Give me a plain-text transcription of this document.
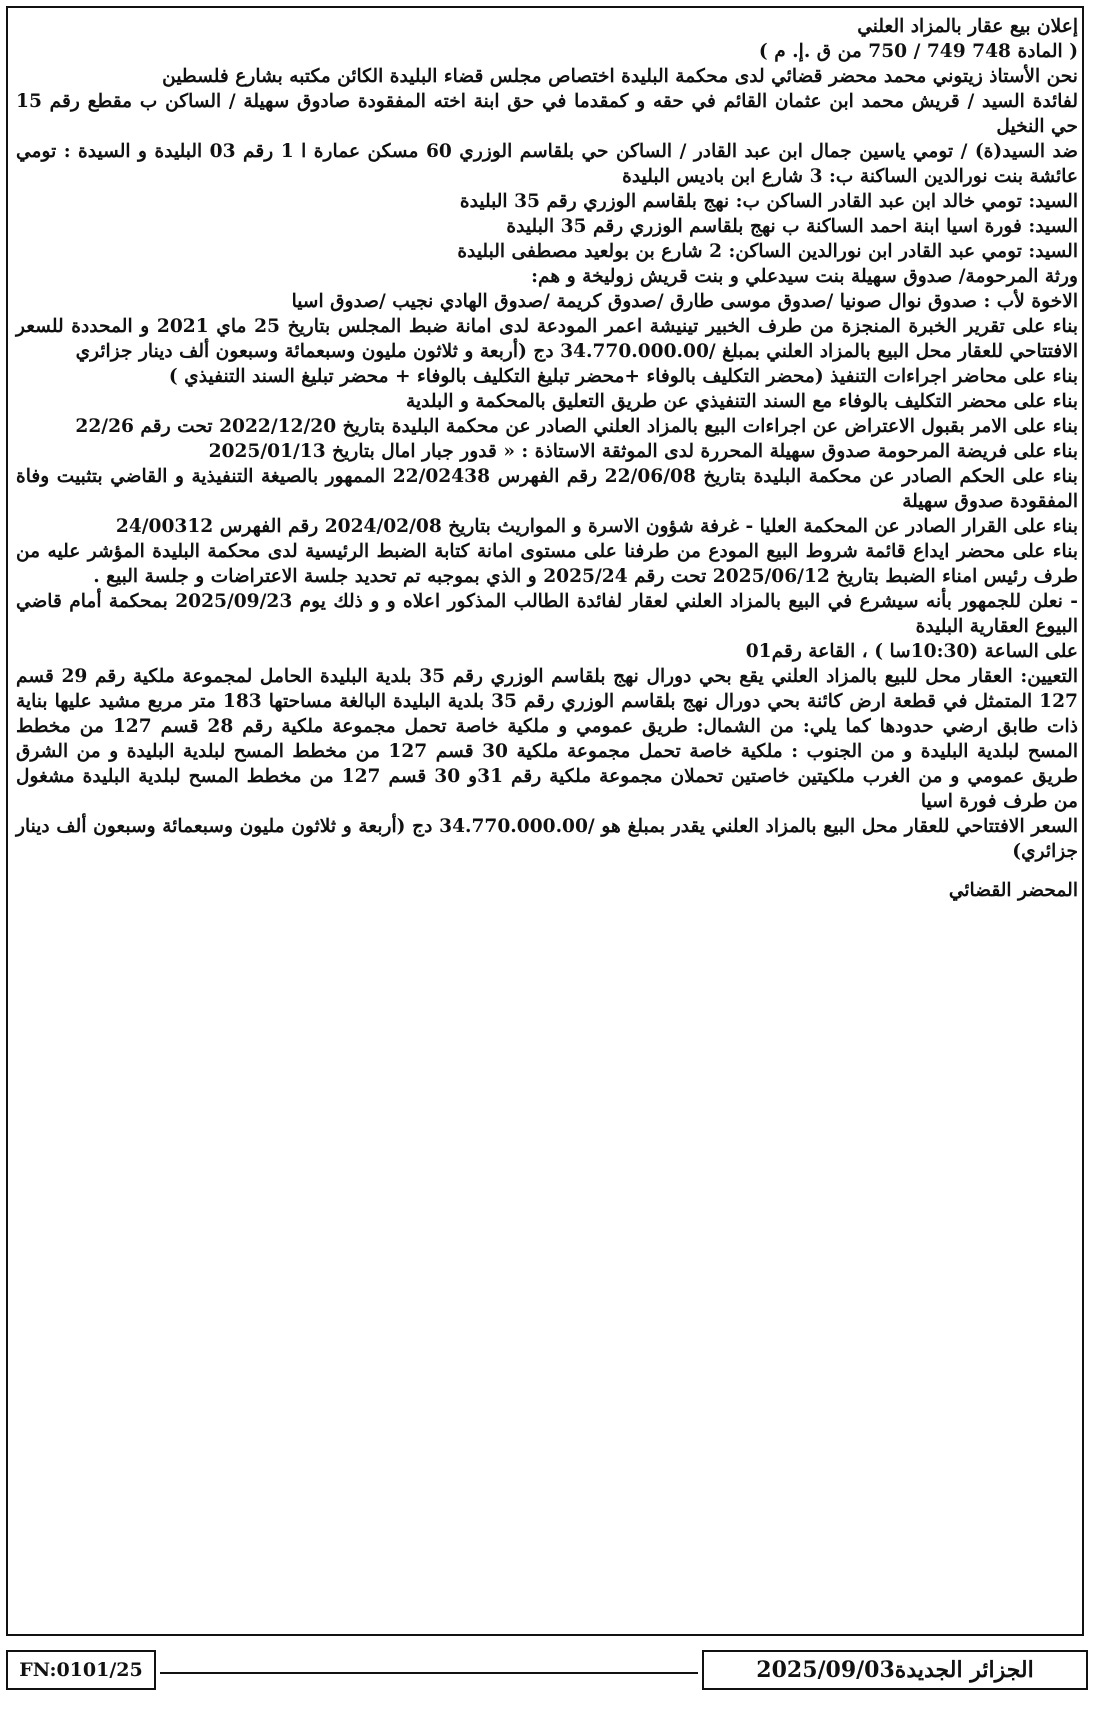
إعلان بيع عقار بالمزاد العلني

( المادة 748 749 / 750 من ق .إ. م )

نحن الأستاذ زيتوني محمد محضر قضائي لدى محكمة البليدة اختصاص مجلس قضاء البليدة الكائن مكتبه بشارع فلسطين

لفائدة السيد / قريش محمد ابن عثمان القائم في حقه و كمقدما في حق ابنة اخته المفقودة صادوق سهيلة / الساكن ب مقطع رقم 15 حي النخيل

ضد السيد(ة) / تومي ياسين جمال ابن عبد القادر / الساكن حي بلقاسم الوزري 60 مسكن عمارة ا 1 رقم 03 البليدة و السيدة : تومي عائشة بنت نورالدين الساكنة ب: 3 شارع ابن باديس البليدة

السيد: تومي خالد ابن عبد القادر الساكن ب: نهج بلقاسم الوزري رقم 35 البليدة

السيد: فورة اسيا ابنة احمد الساكنة ب نهج بلقاسم الوزري رقم 35 البليدة

السيد: تومي عبد القادر ابن نورالدين الساكن: 2 شارع بن بولعيد مصطفى البليدة

ورثة المرحومة/ صدوق سهيلة بنت سيدعلي و بنت قريش زوليخة و هم:

الاخوة لأب : صدوق نوال صونيا /صدوق موسى طارق /صدوق كريمة /صدوق الهادي نجيب /صدوق اسيا

بناء على تقرير الخبرة المنجزة من طرف الخبير تينيشة اعمر المودعة لدى امانة ضبط المجلس بتاريخ 25 ماي 2021 و المحددة للسعر الافتتاحي للعقار محل البيع بالمزاد العلني بمبلغ /34.770.000.00 دج (أربعة و ثلاثون مليون وسبعمائة وسبعون ألف دينار جزائري

بناء على محاضر اجراءات التنفيذ (محضر التكليف بالوفاء +محضر تبليغ التكليف بالوفاء + محضر تبليغ السند التنفيذي )

بناء على محضر التكليف بالوفاء مع السند التنفيذي عن طريق التعليق بالمحكمة و البلدية

بناء على الامر بقبول الاعتراض عن اجراءات البيع بالمزاد العلني الصادر عن محكمة البليدة بتاريخ 2022/12/20 تحت رقم 22/26

بناء على فريضة المرحومة صدوق سهيلة المحررة لدى الموثقة الاستاذة : « قدور جبار امال بتاريخ 2025/01/13

بناء على الحكم الصادر عن محكمة البليدة بتاريخ 22/06/08 رقم الفهرس 22/02438 الممهور بالصيغة التنفيذية و القاضي بتثبيت وفاة المفقودة صدوق سهيلة

بناء على القرار الصادر عن المحكمة العليا - غرفة شؤون الاسرة و المواريث بتاريخ 2024/02/08 رقم الفهرس 24/00312

بناء على محضر ايداع قائمة شروط البيع المودع من طرفنا على مستوى امانة كتابة الضبط الرئيسية لدى محكمة البليدة المؤشر عليه من طرف رئيس امناء الضبط بتاريخ 2025/06/12 تحت رقم 2025/24 و الذي بموجبه تم تحديد جلسة الاعتراضات و جلسة البيع .

- نعلن للجمهور بأنه سيشرع في البيع بالمزاد العلني لعقار لفائدة الطالب المذكور اعلاه و و ذلك يوم 2025/09/23 بمحكمة أمام قاضي البيوع العقارية البليدة

على الساعة (10:30سا ) ، القاعة رقم01

التعيين: العقار محل للبيع بالمزاد العلني يقع بحي دورال نهج بلقاسم الوزري رقم 35 بلدية البليدة الحامل لمجموعة ملكية رقم 29 قسم 127 المتمثل في قطعة ارض كائنة بحي دورال نهج بلقاسم الوزري رقم 35 بلدية البليدة البالغة مساحتها 183 متر مربع مشيد عليها بناية ذات طابق ارضي حدودها كما يلي: من الشمال: طريق عمومي و ملكية خاصة تحمل مجموعة ملكية رقم 28 قسم 127 من مخطط المسح لبلدية البليدة و من الجنوب : ملكية خاصة تحمل مجموعة ملكية 30 قسم 127 من مخطط المسح لبلدية البليدة و من الشرق طريق عمومي و من الغرب ملكيتين خاصتين تحملان مجموعة ملكية رقم 31و 30 قسم 127 من مخطط المسح لبلدية البليدة مشغول من طرف فورة اسيا

السعر الافتتاحي للعقار محل البيع بالمزاد العلني يقدر بمبلغ هو /34.770.000.00 دج (أربعة و ثلاثون مليون وسبعمائة وسبعون ألف دينار جزائري)

المحضر القضائي

FN:0101/25	الجزائر الجديدة2025/09/03
